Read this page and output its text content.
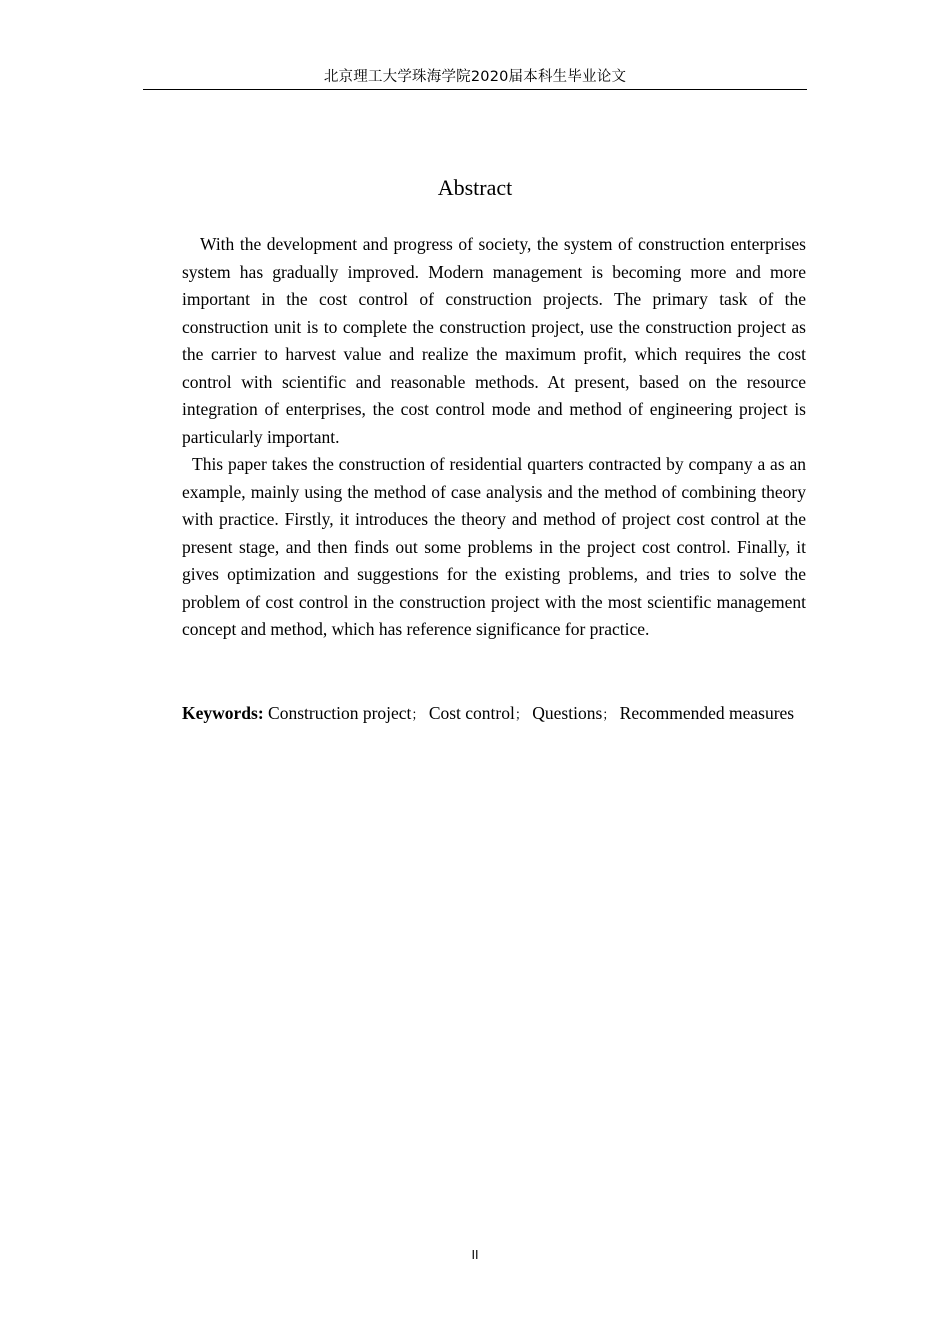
北京理工大学珠海学院2020届本科生毕业论文
Abstract

With the development and progress of society, the system of construction enterprises system has gradually improved. Modern management is becoming more and more important in the cost control of construction projects. The primary task of the construction unit is to complete the construction project, use the construction project as the carrier to harvest value and realize the maximum profit, which requires the cost control with scientific and reasonable methods. At present, based on the resource integration of enterprises, the cost control mode and method of engineering project is particularly important.

This paper takes the construction of residential quarters contracted by company a as an example, mainly using the method of case analysis and the method of combining theory with practice. Firstly, it introduces the theory and method of project cost control at the present stage, and then finds out some problems in the project cost control. Finally, it gives optimization and suggestions for the existing problems, and tries to solve the problem of cost control in the construction project with the most scientific management concept and method, which has reference significance for practice.

Keywords: Construction project； Cost control； Questions； Recommended measures

II
